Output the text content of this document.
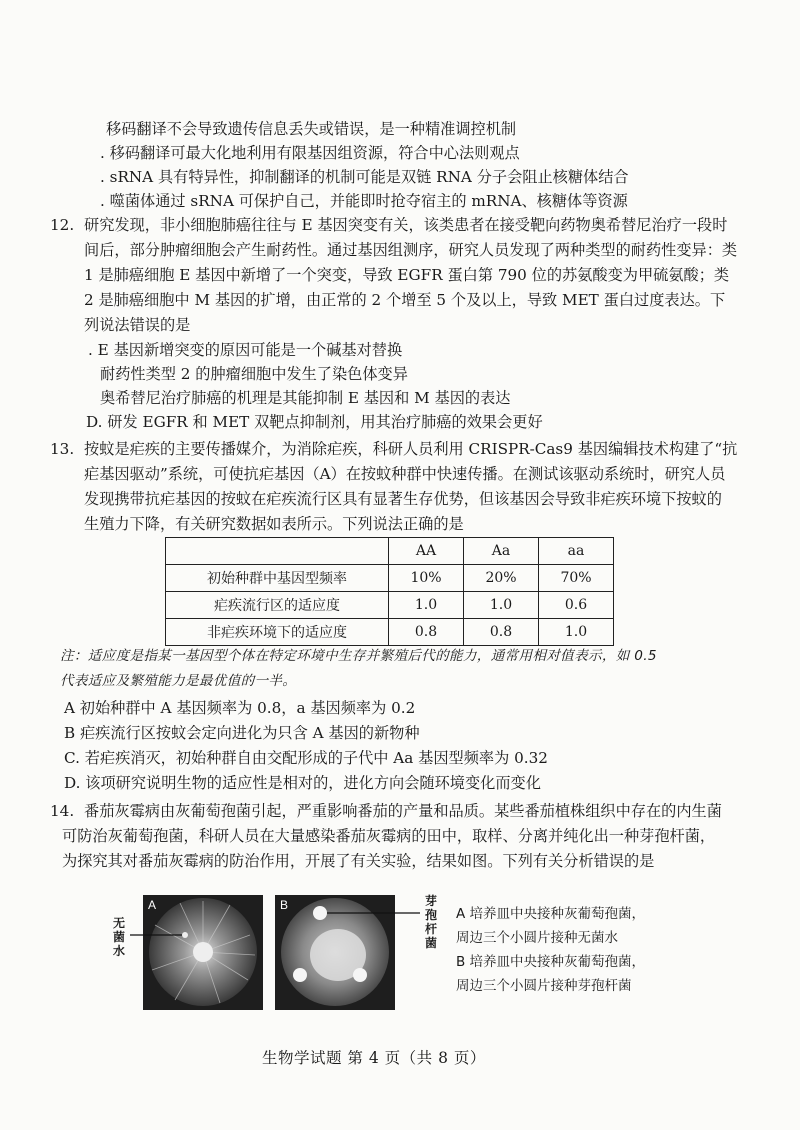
移码翻译不会导致遗传信息丢失或错误，是一种精准调控机制
. 移码翻译可最大化地利用有限基因组资源，符合中心法则观点
. sRNA 具有特异性，抑制翻译的机制可能是双链 RNA 分子会阻止核糖体结合
. 噬菌体通过 sRNA 可保护自己，并能即时抢夺宿主的 mRNA、核糖体等资源
12. 研究发现，非小细胞肺癌往往与 E 基因突变有关，该类患者在接受靶向药物奥希替尼治疗一段时
间后，部分肿瘤细胞会产生耐药性。通过基因组测序，研究人员发现了两种类型的耐药性变异：类
1 是肺癌细胞 E 基因中新增了一个突变，导致 EGFR 蛋白第 790 位的苏氨酸变为甲硫氨酸；类
2 是肺癌细胞中 M 基因的扩增，由正常的 2 个增至 5 个及以上，导致 MET 蛋白过度表达。下
列说法错误的是
. E 基因新增突变的原因可能是一个碱基对替换
耐药性类型 2 的肿瘤细胞中发生了染色体变异
奥希替尼治疗肺癌的机理是其能抑制 E 基因和 M 基因的表达
D. 研发 EGFR 和 MET 双靶点抑制剂，用其治疗肺癌的效果会更好
13. 按蚊是疟疾的主要传播媒介，为消除疟疾，科研人员利用 CRISPR-Cas9 基因编辑技术构建了“抗
疟基因驱动”系统，可使抗疟基因（A）在按蚊种群中快速传播。在测试该驱动系统时，研究人员
发现携带抗疟基因的按蚊在疟疾流行区具有显著生存优势，但该基因会导致非疟疾环境下按蚊的
生殖力下降，有关研究数据如表所示。下列说法正确的是
	AA	Aa	aa
初始种群中基因型频率	10%	20%	70%
疟疾流行区的适应度	1.0	1.0	0.6
非疟疾环境下的适应度	0.8	0.8	1.0
注：适应度是指某一基因型个体在特定环境中生存并繁殖后代的能力，通常用相对值表示，如 0.5
代表适应及繁殖能力是最优值的一半。
A 初始种群中 A 基因频率为 0.8，a 基因频率为 0.2
B 疟疾流行区按蚊会定向进化为只含 A 基因的新物种
C. 若疟疾消灭，初始种群自由交配形成的子代中 Aa 基因型频率为 0.32
D. 该项研究说明生物的适应性是相对的，进化方向会随环境变化而变化
14. 番茄灰霉病由灰葡萄孢菌引起，严重影响番茄的产量和品质。某些番茄植株组织中存在的内生菌
可防治灰葡萄孢菌，科研人员在大量感染番茄灰霉病的田中，取样、分离并纯化出一种芽孢杆菌，
为探究其对番茄灰霉病的防治作用，开展了有关实验，结果如图。下列有关分析错误的是
无
菌
水
A	B	芽
孢
杆
菌
A 培养皿中央接种灰葡萄孢菌，
周边三个小圆片接种无菌水
B 培养皿中央接种灰葡萄孢菌，
周边三个小圆片接种芽孢杆菌
生物学试题 第 4 页（共 8 页）
